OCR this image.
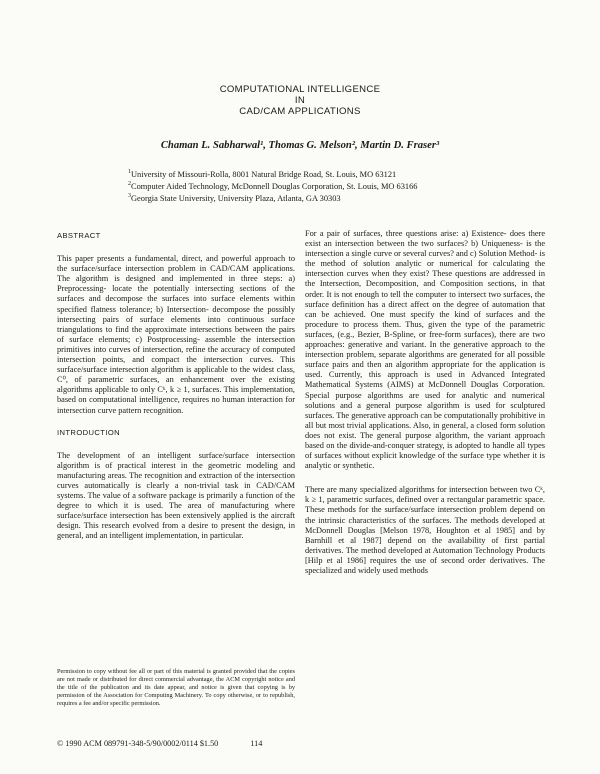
COMPUTATIONAL INTELLIGENCE
IN
CAD/CAM APPLICATIONS
Chaman L. Sabharwal¹, Thomas G. Melson², Martin D. Fraser³
$^1$University of Missouri-Rolla, 8001 Natural Bridge Road, St. Louis, MO 63121
$^2$Computer Aided Technology, McDonnell Douglas Corporation, St. Louis, MO 63166
$^3$Georgia State University, University Plaza, Atlanta, GA 30303
ABSTRACT

This paper presents a fundamental, direct, and powerful approach to the surface/surface intersection problem in CAD/CAM applications. The algorithm is designed and implemented in three steps: a) Preprocessing- locate the potentially intersecting sections of the surfaces and decompose the surfaces into surface elements within specified flatness tolerance; b) Intersection- decompose the possibly intersecting pairs of surface elements into continuous surface triangulations to find the approximate intersections between the pairs of surface elements; c) Postprocessing- assemble the intersection primitives into curves of intersection, refine the accuracy of computed intersection points, and compact the intersection curves. This surface/surface intersection algorithm is applicable to the widest class, C⁰, of parametric surfaces, an enhancement over the existing algorithms applicable to only Cᵏ, k ≥ 1, surfaces. This implementation, based on computational intelligence, requires no human interaction for intersection curve pattern recognition.

INTRODUCTION

The development of an intelligent surface/surface intersection algorithm is of practical interest in the geometric modeling and manufacturing areas. The recognition and extraction of the intersection curves automatically is clearly a non-trivial task in CAD/CAM systems. The value of a software package is primarily a function of the degree to which it is used. The area of manufacturing where surface/surface intersection has been extensively applied is the aircraft design. This research evolved from a desire to present the design, in general, and an intelligent implementation, in particular.

For a pair of surfaces, three questions arise: a) Existence- does there exist an intersection between the two surfaces? b) Uniqueness- is the intersection a single curve or several curves? and c) Solution Method- is the method of solution analytic or numerical for calculating the intersection curves when they exist? These questions are addressed in the Intersection, Decomposition, and Composition sections, in that order. It is not enough to tell the computer to intersect two surfaces, the surface definition has a direct affect on the degree of automation that can be achieved. One must specify the kind of surfaces and the procedure to process them. Thus, given the type of the parametric surfaces, (e.g., Bezier, B-Spline, or free-form surfaces), there are two approaches: generative and variant. In the generative approach to the intersection problem, separate algorithms are generated for all possible surface pairs and then an algorithm appropriate for the application is used. Currently, this approach is used in Advanced Integrated Mathematical Systems (AIMS) at McDonnell Douglas Corporation. Special purpose algorithms are used for analytic and numerical solutions and a general purpose algorithm is used for sculptured surfaces. The generative approach can be computationally prohibitive in all but most trivial applications. Also, in general, a closed form solution does not exist. The general purpose algorithm, the variant approach based on the divide-and-conquer strategy, is adopted to handle all types of surfaces without explicit knowledge of the surface type whether it is analytic or synthetic.

There are many specialized algorithms for intersection between two Cᵏ, k ≥ 1, parametric surfaces, defined over a rectangular parametric space. These methods for the surface/surface intersection problem depend on the intrinsic characteristics of the surfaces. The methods developed at McDonnell Douglas [Melson 1978, Houghton et al 1985] and by Barnhill et al 1987] depend on the availability of first partial derivatives. The method developed at Automation Technology Products [Hilp et al 1986] requires the use of second order derivatives. The specialized and widely used methods

Permission to copy without fee all or part of this material is granted provided that the copies are not made or distributed for direct commercial advantage, the ACM copyright notice and the title of the publication and its date appear, and notice is given that copying is by permission of the Association for Computing Machinery. To copy otherwise, or to republish, requires a fee and/or specific permission.
© 1990 ACM 089791-348-5/90/0002/0114 $1.50	114
